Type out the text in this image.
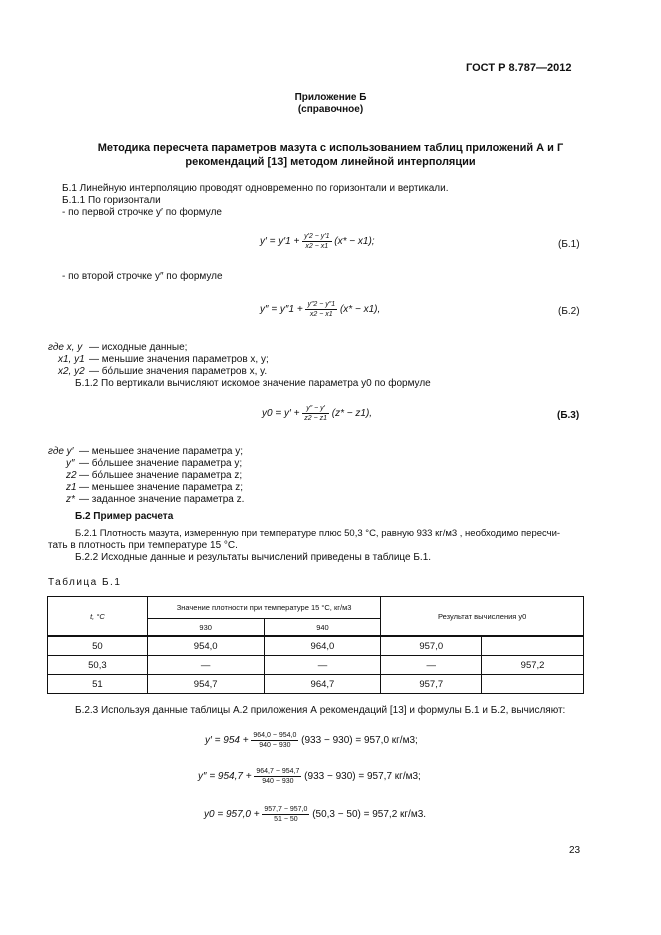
ГОСТ Р 8.787—2012
Приложение Б
(справочное)
Методика пересчета параметров мазута с использованием таблиц приложений А и Г
рекомендаций [13] методом линейной интерполяции
Б.1 Линейную интерполяцию проводят одновременно по горизонтали и вертикали.
Б.1.1 По горизонтали
- по первой строчке y′ по формуле
$y' = y'1 + \frac{y'2 - y'1}{x2 - x1} (x* - x1)$;	(Б.1)
- по второй строчке y″ по формуле
$y'' = y''1 + \frac{y''2 - y''1}{x2 - x1} (x* - x1)$,	(Б.2)
где x, y — исходные данные;
x1, y1 — меньшие значения параметров x, y;
x2, y2 — бо́льшие значения параметров x, y.
Б.1.2 По вертикали вычисляют искомое значение параметра y0 по формуле
$y0 = y' + \frac{y'' - y'}{z2 - z1} (z* - z1)$,	(Б.3)
где y′ — меньшее значение параметра y;
y″ — бо́льшее значение параметра y;
z2 — бо́льшее значение параметра z;
z1 — меньшее значение параметра z;
z* — заданное значение параметра z.
Б.2 Пример расчета
Б.2.1 Плотность мазута, измеренную при температуре плюс 50,3 °С, равную 933 кг/м3 , необходимо пересчи-
тать в плотность при температуре 15 °С.
Б.2.2 Исходные данные и результаты вычислений приведены в таблице Б.1.
Таблица Б.1
t, °С	Значение плотности при температуре 15 °С, кг/м3		Результат вычисления y0	
	930	940		
50	954,0	964,0	957,0	
50,3	—	—	—	957,2
51	954,7	964,7	957,7	
Б.2.3 Используя данные таблицы А.2 приложения А рекомендаций [13] и формулы Б.1 и Б.2, вычисляют:
$y' = 954 + \frac{964,0 - 954,0}{940 - 930} (933 - 930) = 957,0$ кг/м3;
$y'' = 954,7 + \frac{964,7 - 954,7}{940 - 930} (933 - 930) = 957,7$ кг/м3;
$y0 = 957,0 + \frac{957,7 - 957,0}{51 - 50} (50,3 - 50) = 957,2$ кг/м3.
23
